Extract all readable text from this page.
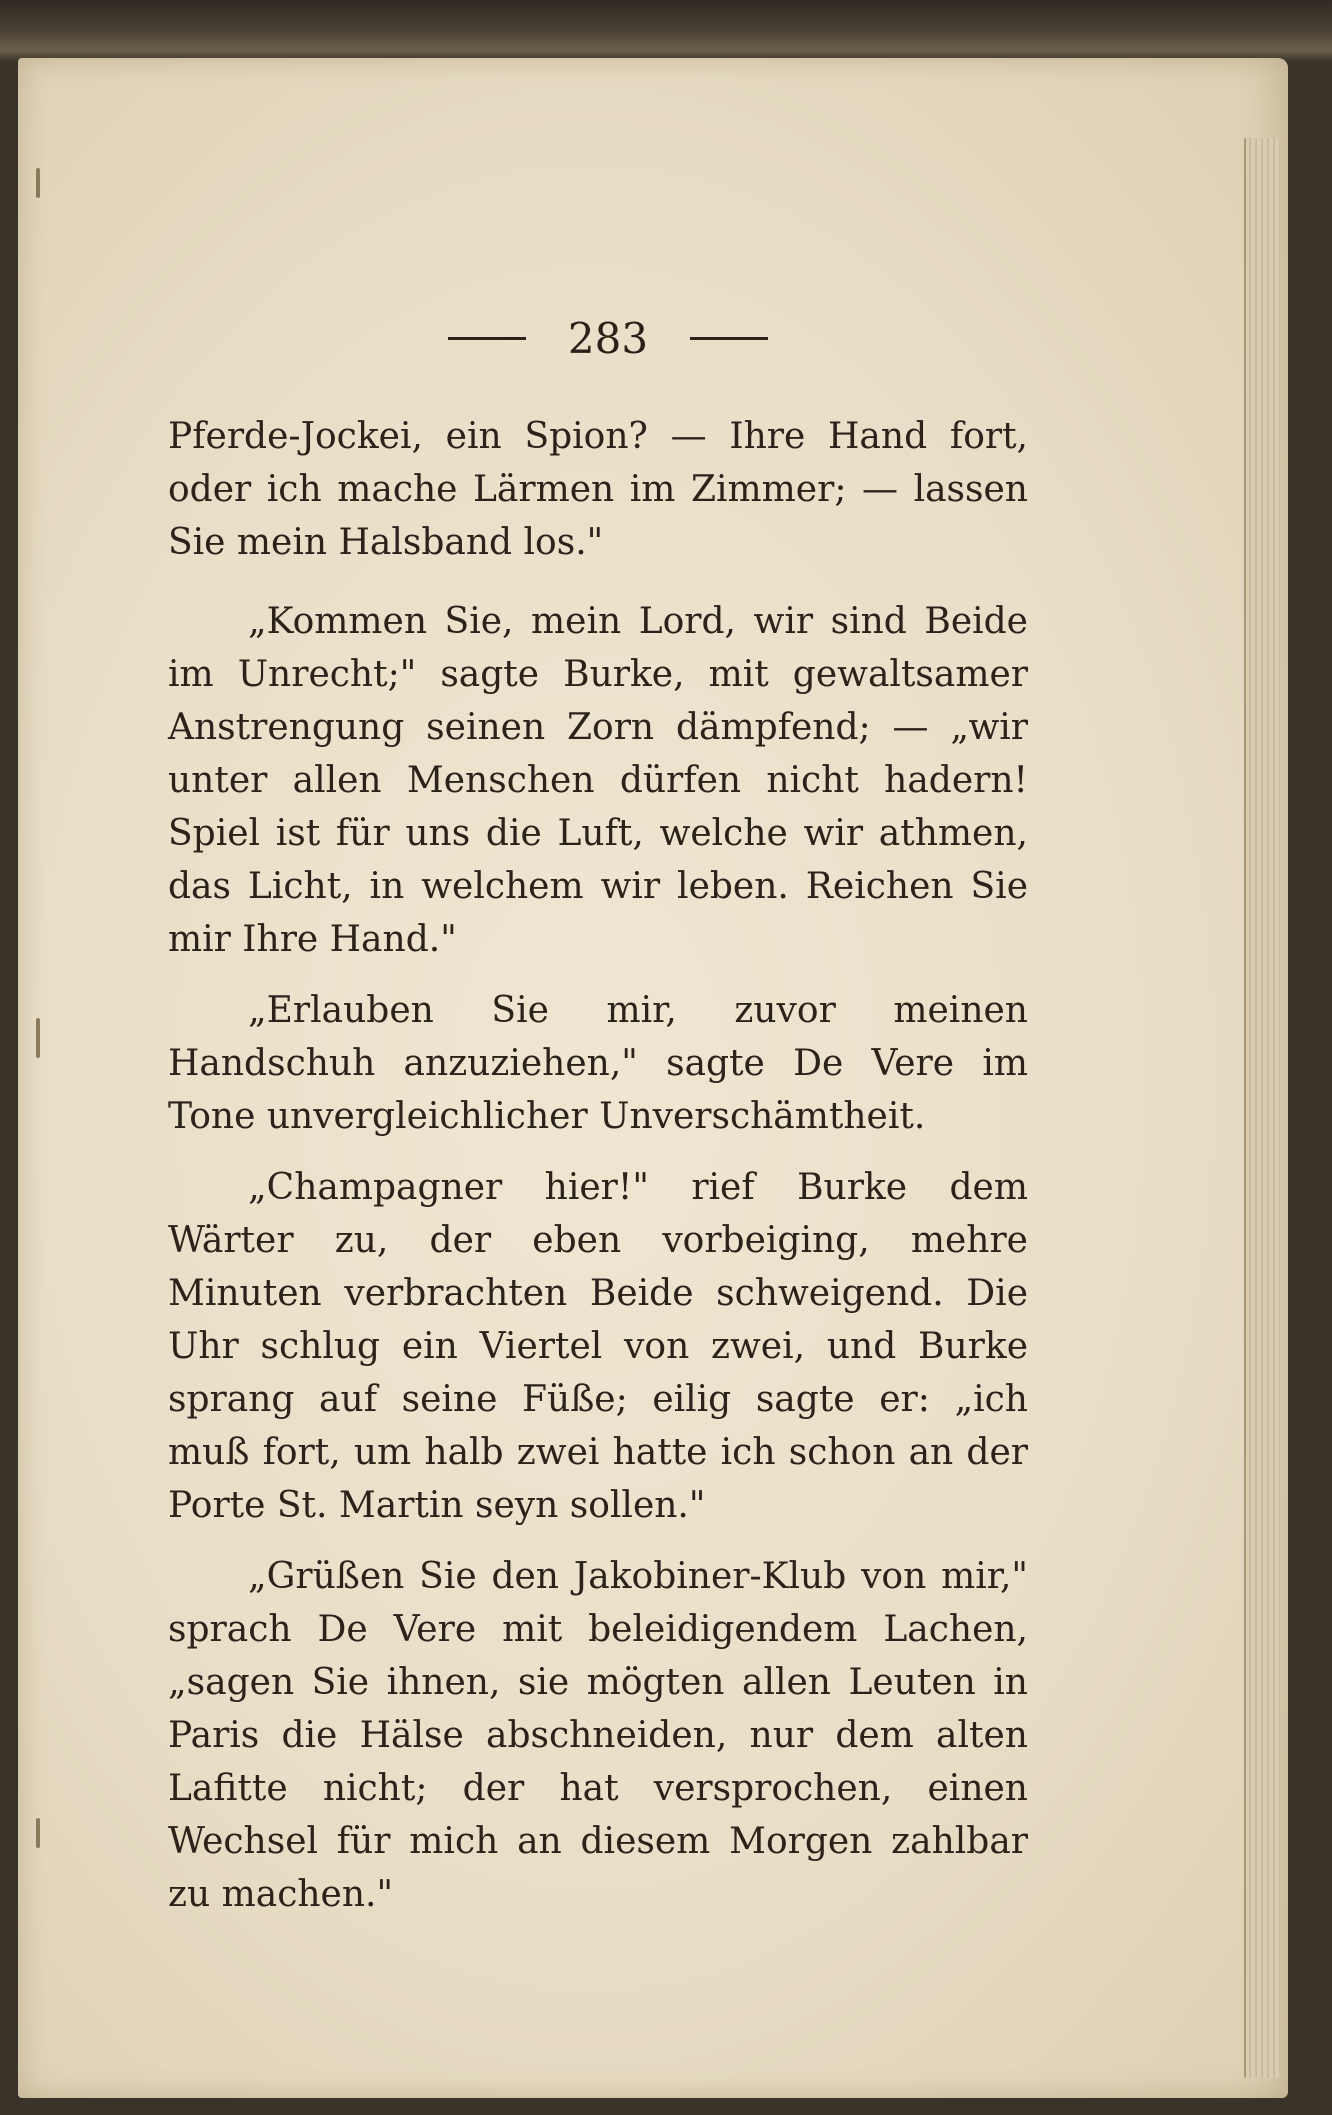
283

Pferde-Jockei, ein Spion? — Ihre Hand fort, oder ich mache Lärmen im Zimmer; — lassen Sie mein Halsband los."

„Kommen Sie, mein Lord, wir sind Beide im Unrecht;" sagte Burke, mit gewaltsamer Anstrengung seinen Zorn dämpfend; — „wir unter allen Menschen dürfen nicht hadern! Spiel ist für uns die Luft, welche wir athmen, das Licht, in welchem wir leben. Reichen Sie mir Ihre Hand."

„Erlauben Sie mir, zuvor meinen Handschuh anzuziehen," sagte De Vere im Tone unvergleichlicher Unverschämtheit.

„Champagner hier!" rief Burke dem Wärter zu, der eben vorbeiging, mehre Minuten verbrachten Beide schweigend. Die Uhr schlug ein Viertel von zwei, und Burke sprang auf seine Füße; eilig sagte er: „ich muß fort, um halb zwei hatte ich schon an der Porte St. Martin seyn sollen."

„Grüßen Sie den Jakobiner-Klub von mir," sprach De Vere mit beleidigendem Lachen, „sagen Sie ihnen, sie mögten allen Leuten in Paris die Hälse abschneiden, nur dem alten Lafitte nicht; der hat versprochen, einen Wechsel für mich an diesem Morgen zahlbar zu machen."
